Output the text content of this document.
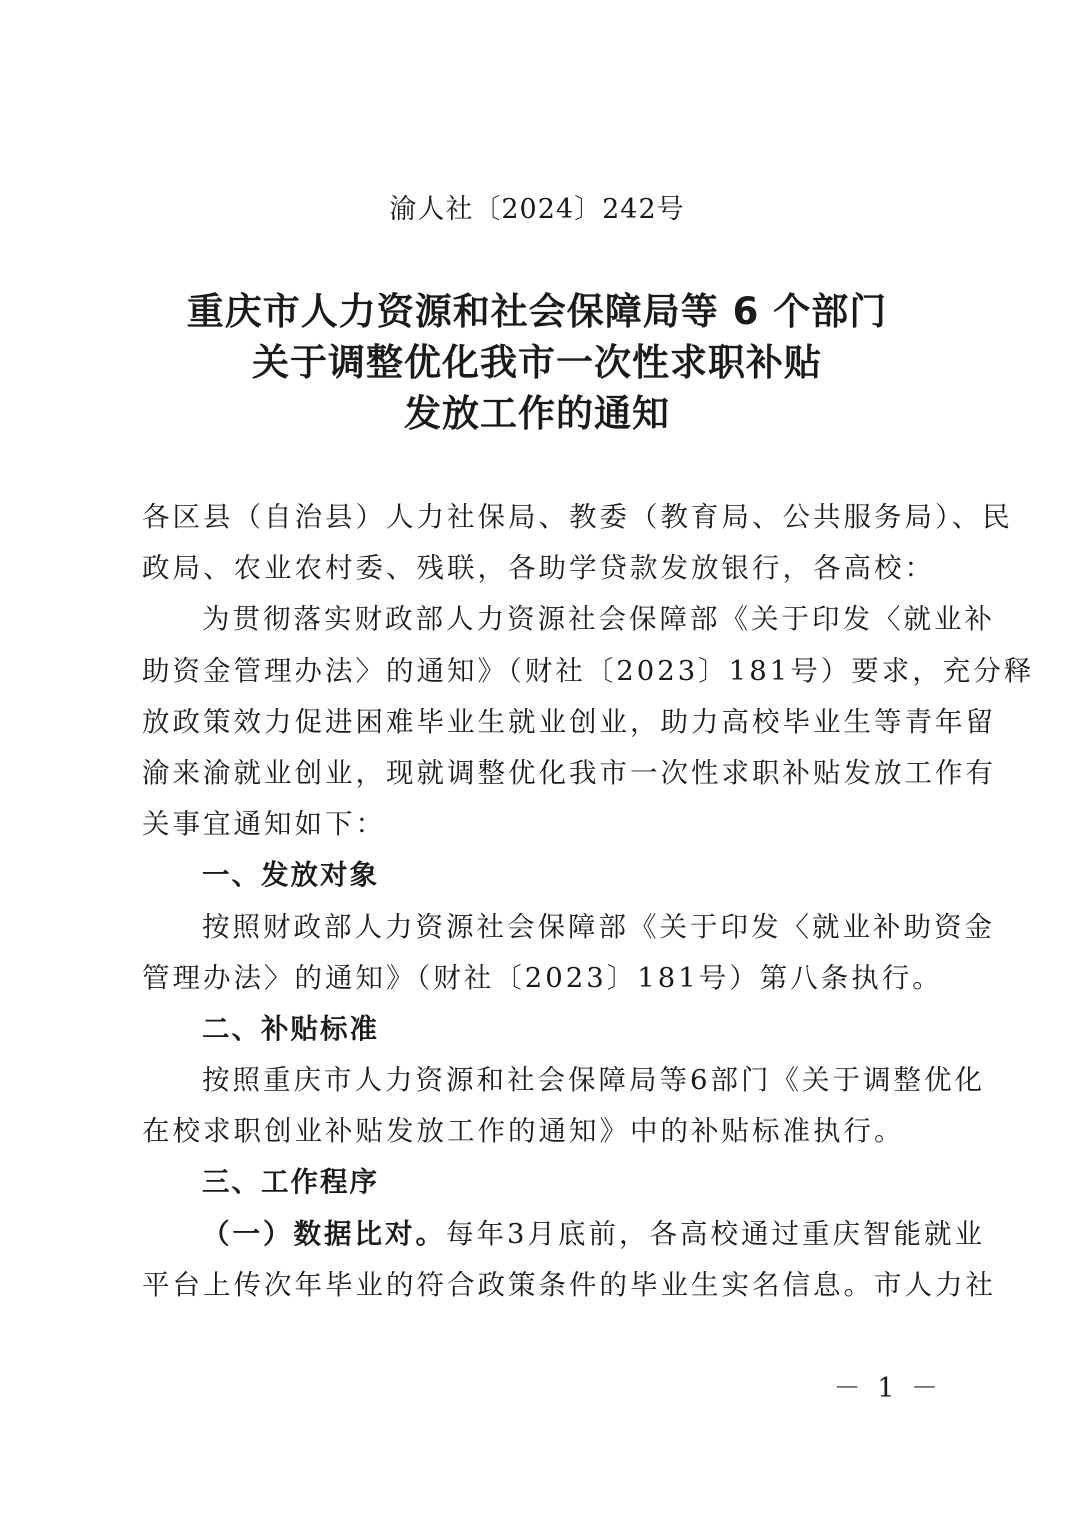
渝人社〔2024〕242号
重庆市人力资源和社会保障局等 6 个部门
关于调整优化我市一次性求职补贴
发放工作的通知
各区县（自治县）人力社保局、教委（教育局、公共服务局）、民
政局、农业农村委、残联，各助学贷款发放银行，各高校：
为贯彻落实财政部人力资源社会保障部《关于印发〈就业补
助资金管理办法〉的通知》（财社〔2023〕181号）要求，充分释
放政策效力促进困难毕业生就业创业，助力高校毕业生等青年留
渝来渝就业创业，现就调整优化我市一次性求职补贴发放工作有
关事宜通知如下：
一、发放对象
按照财政部人力资源社会保障部《关于印发〈就业补助资金
管理办法〉的通知》（财社〔2023〕181号）第八条执行。
二、补贴标准
按照重庆市人力资源和社会保障局等6部门《关于调整优化
在校求职创业补贴发放工作的通知》中的补贴标准执行。
三、工作程序
（一）数据比对。每年3月底前，各高校通过重庆智能就业
平台上传次年毕业的符合政策条件的毕业生实名信息。市人力社
－ 1 －
